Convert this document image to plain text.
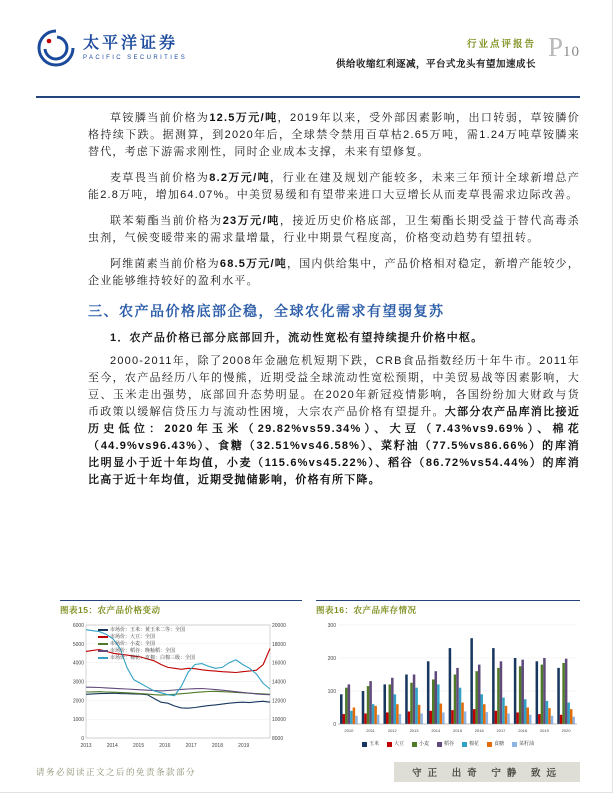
太平洋证券
PACIFIC SECURITIES
行业点评报告
供给收缩红利逐减，平台式龙头有望加速成长
P 10

草铵膦当前价格为12.5万元/吨，2019年以来，受外部因素影响，出口转弱，草铵膦价格持续下跌。据测算，到2020年后，全球禁令禁用百草枯2.65万吨，需1.24万吨草铵膦来替代，考虑下游需求刚性，同时企业成本支撑，未来有望修复。

麦草畏当前价格为8.2万元/吨，行业在建及规划产能较多，未来三年预计全球新增总产能2.8万吨，增加64.07%。中美贸易缓和有望带来进口大豆增长从而麦草畏需求边际改善。

联苯菊酯当前价格为23万元/吨，接近历史价格底部，卫生菊酯长期受益于替代高毒杀虫剂，气候变暖带来的需求量增量，行业中期景气程度高，价格变动趋势有望扭转。

阿维菌素当前价格为68.5万元/吨，国内供给集中，产品价格相对稳定，新增产能较少，企业能够维持较好的盈利水平。

三、农产品价格底部企稳，全球农化需求有望弱复苏

1．农产品价格已部分底部回升，流动性宽松有望持续提升价格中枢。

2000-2011年，除了2008年金融危机短期下跌，CRB食品指数经历十年牛市。2011年至今，农产品经历八年的慢熊，近期受益全球流动性宽松预期，中美贸易战等因素影响，大豆、玉米走出强势，底部回升态势明显。在2020年新冠疫情影响，各国纷纷加大财政与货币政策以缓解信贷压力与流动性困境，大宗农产品价格有望提升。大部分农产品库消比接近历史低位：2020年玉米（29.82%vs59.34%）、大豆（7.43%vs9.69%）、棉花（44.9%vs96.43%）、食糖（32.51%vs46.58%）、菜籽油（77.5%vs86.66%）的库消比明显小于近十年均值，小麦（115.6%vs45.22%）、稻谷（86.72%vs54.44%）的库消比高于近十年均值，近期受抛储影响，价格有所下降。

图表15：农产品价格变动
0	8000
1000	10000
2000	12000
3000	14000
4000	16000
5000	18000
6000	20000
2013	2014	2015	2016	2017	2018	2019
市场价：玉米：黄玉米二等：全国
市场价：大豆：全国
市场价：小麦：全国
市场价：稻谷：晚籼稻：全国
市场价：棉花：皮棉：白棉三级：全国
图表16：农产品库存情况
0
100
200
300
2010	2011	2012	2013	2014	2015	2016	2017	2018	2019	2020
玉米	大豆	小麦	稻谷	棉花	食糖	菜籽油
请务必阅读正文之后的免责条款部分	守正 出奇 宁静 致远
